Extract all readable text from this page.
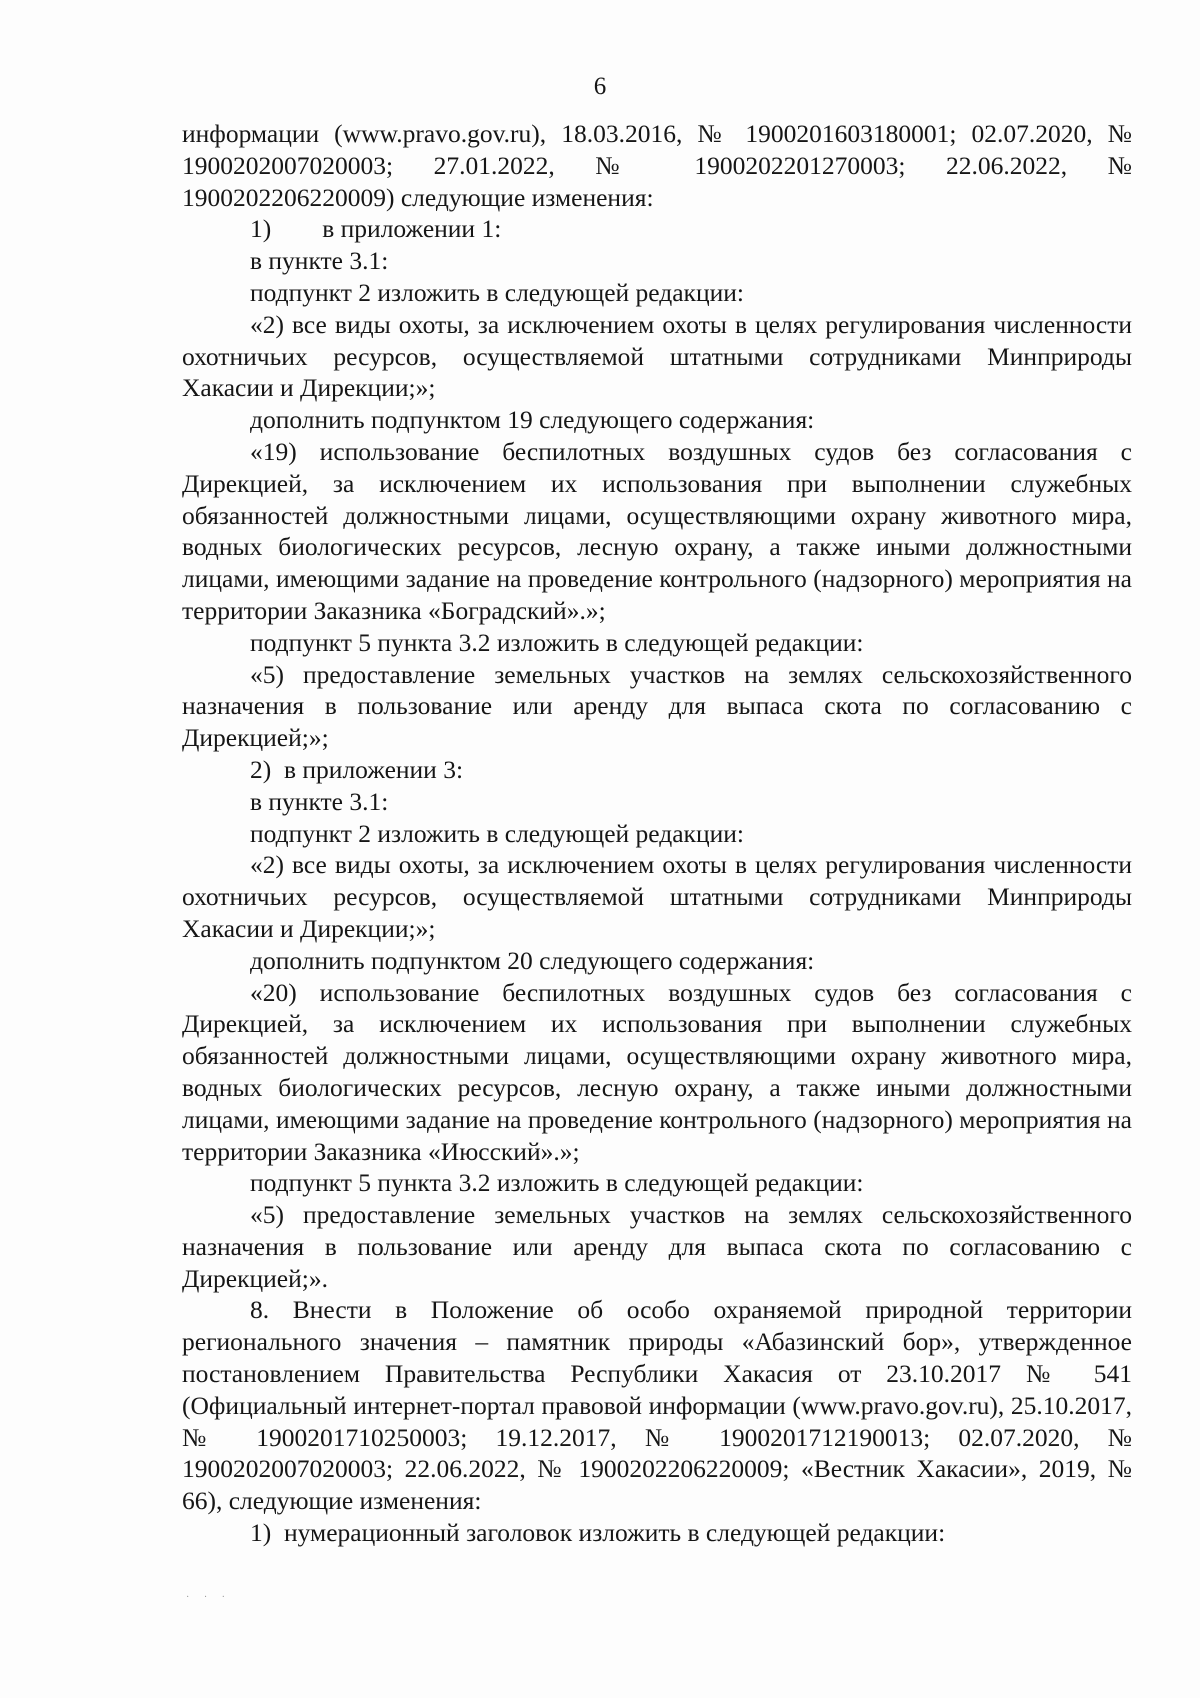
6

информации (www.pravo.gov.ru), 18.03.2016, № 1900201603180001; 02.07.2020, № 1900202007020003; 27.01.2022, № 1900202201270003; 22.06.2022, № 1900202206220009) следующие изменения:

1)  в приложении 1:

в пункте 3.1:

подпункт 2 изложить в следующей редакции:

«2) все виды охоты, за исключением охоты в целях регулирования численности охотничьих ресурсов, осуществляемой штатными сотрудниками Минприроды Хакасии и Дирекции;»;

дополнить подпунктом 19 следующего содержания:

«19) использование беспилотных воздушных судов без согласования с Дирекцией, за исключением их использования при выполнении служебных обязанностей должностными лицами, осуществляющими охрану животного мира, водных биологических ресурсов, лесную охрану, а также иными должностными лицами, имеющими задание на проведение контрольного (надзорного) мероприятия на территории Заказника «Боградский».»;

подпункт 5 пункта 3.2 изложить в следующей редакции:

«5) предоставление земельных участков на землях сельскохозяйственного назначения в пользование или аренду для выпаса скота по согласованию с Дирекцией;»;

2) в приложении 3:

в пункте 3.1:

подпункт 2 изложить в следующей редакции:

«2) все виды охоты, за исключением охоты в целях регулирования численности охотничьих ресурсов, осуществляемой штатными сотрудниками Минприроды Хакасии и Дирекции;»;

дополнить подпунктом 20 следующего содержания:

«20) использование беспилотных воздушных судов без согласования с Дирекцией, за исключением их использования при выполнении служебных обязанностей должностными лицами, осуществляющими охрану животного мира, водных биологических ресурсов, лесную охрану, а также иными должностными лицами, имеющими задание на проведение контрольного (надзорного) мероприятия на территории Заказника «Июсский».»;

подпункт 5 пункта 3.2 изложить в следующей редакции:

«5) предоставление земельных участков на землях сельскохозяйственного назначения в пользование или аренду для выпаса скота по согласованию с Дирекцией;».

8. Внести в Положение об особо охраняемой природной территории регионального значения – памятник природы «Абазинский бор», утвержденное постановлением Правительства Республики Хакасия от 23.10.2017 № 541 (Официальный интернет-портал правовой информации (www.pravo.gov.ru), 25.10.2017, № 1900201710250003; 19.12.2017, № 1900201712190013; 02.07.2020, № 1900202007020003; 22.06.2022, № 1900202206220009; «Вестник Хакасии», 2019, № 66), следующие изменения:

1) нумерационный заголовок изложить в следующей редакции:

· · ·
